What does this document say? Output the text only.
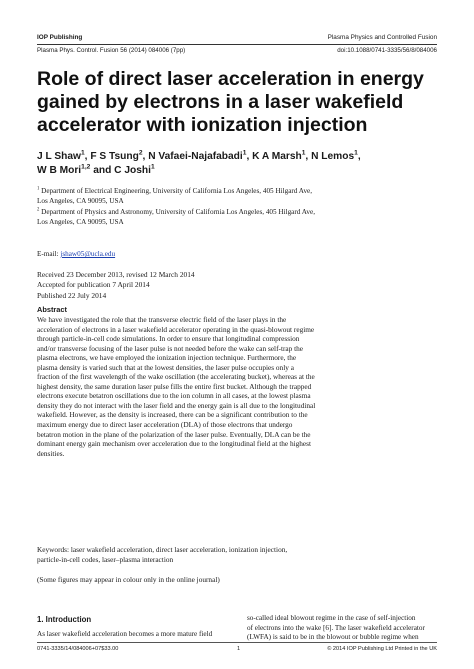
IOP Publishing	Plasma Physics and Controlled Fusion
Plasma Phys. Control. Fusion 56 (2014) 084006 (7pp)	doi:10.1088/0741-3335/56/8/084006
Role of direct laser acceleration in energy gained by electrons in a laser wakefield accelerator with ionization injection
J L Shaw$^1$, F S Tsung$^2$, N Vafaei-Najafabadi$^1$, K A Marsh$^1$, N Lemos$^1$,
W B Mori$^{1,2}$ and C Joshi$^1$
$^1$ Department of Electrical Engineering, University of California Los Angeles, 405 Hilgard Ave,
Los Angeles, CA 90095, USA
$^2$ Department of Physics and Astronomy, University of California Los Angeles, 405 Hilgard Ave,
Los Angeles, CA 90095, USA
E-mail: jshaw05@ucla.edu
Received 23 December 2013, revised 12 March 2014
Accepted for publication 7 April 2014
Published 22 July 2014
Abstract
We have investigated the role that the transverse electric field of the laser plays in the
acceleration of electrons in a laser wakefield accelerator operating in the quasi-blowout regime
through particle-in-cell code simulations. In order to ensure that longitudinal compression
and/or transverse focusing of the laser pulse is not needed before the wake can self-trap the
plasma electrons, we have employed the ionization injection technique. Furthermore, the
plasma density is varied such that at the lowest densities, the laser pulse occupies only a
fraction of the first wavelength of the wake oscillation (the accelerating bucket), whereas at the
highest density, the same duration laser pulse fills the entire first bucket. Although the trapped
electrons execute betatron oscillations due to the ion column in all cases, at the lowest plasma
density they do not interact with the laser field and the energy gain is all due to the longitudinal
wakefield. However, as the density is increased, there can be a significant contribution to the
maximum energy due to direct laser acceleration (DLA) of those electrons that undergo
betatron motion in the plane of the polarization of the laser pulse. Eventually, DLA can be the
dominant energy gain mechanism over acceleration due to the longitudinal field at the highest
densities.
Keywords: laser wakefield acceleration, direct laser acceleration, ionization injection,
particle-in-cell codes, laser–plasma interaction
(Some figures may appear in colour only in the online journal)
1. Introduction
As laser wakefield acceleration becomes a more mature field
so-called ideal blowout regime in the case of self-injection
of electrons into the wake [6]. The laser wakefield accelerator
(LWFA) is said to be in the blowout or bubble regime when
0741-3335/14/084006+07$33.00	1	© 2014 IOP Publishing Ltd Printed in the UK
